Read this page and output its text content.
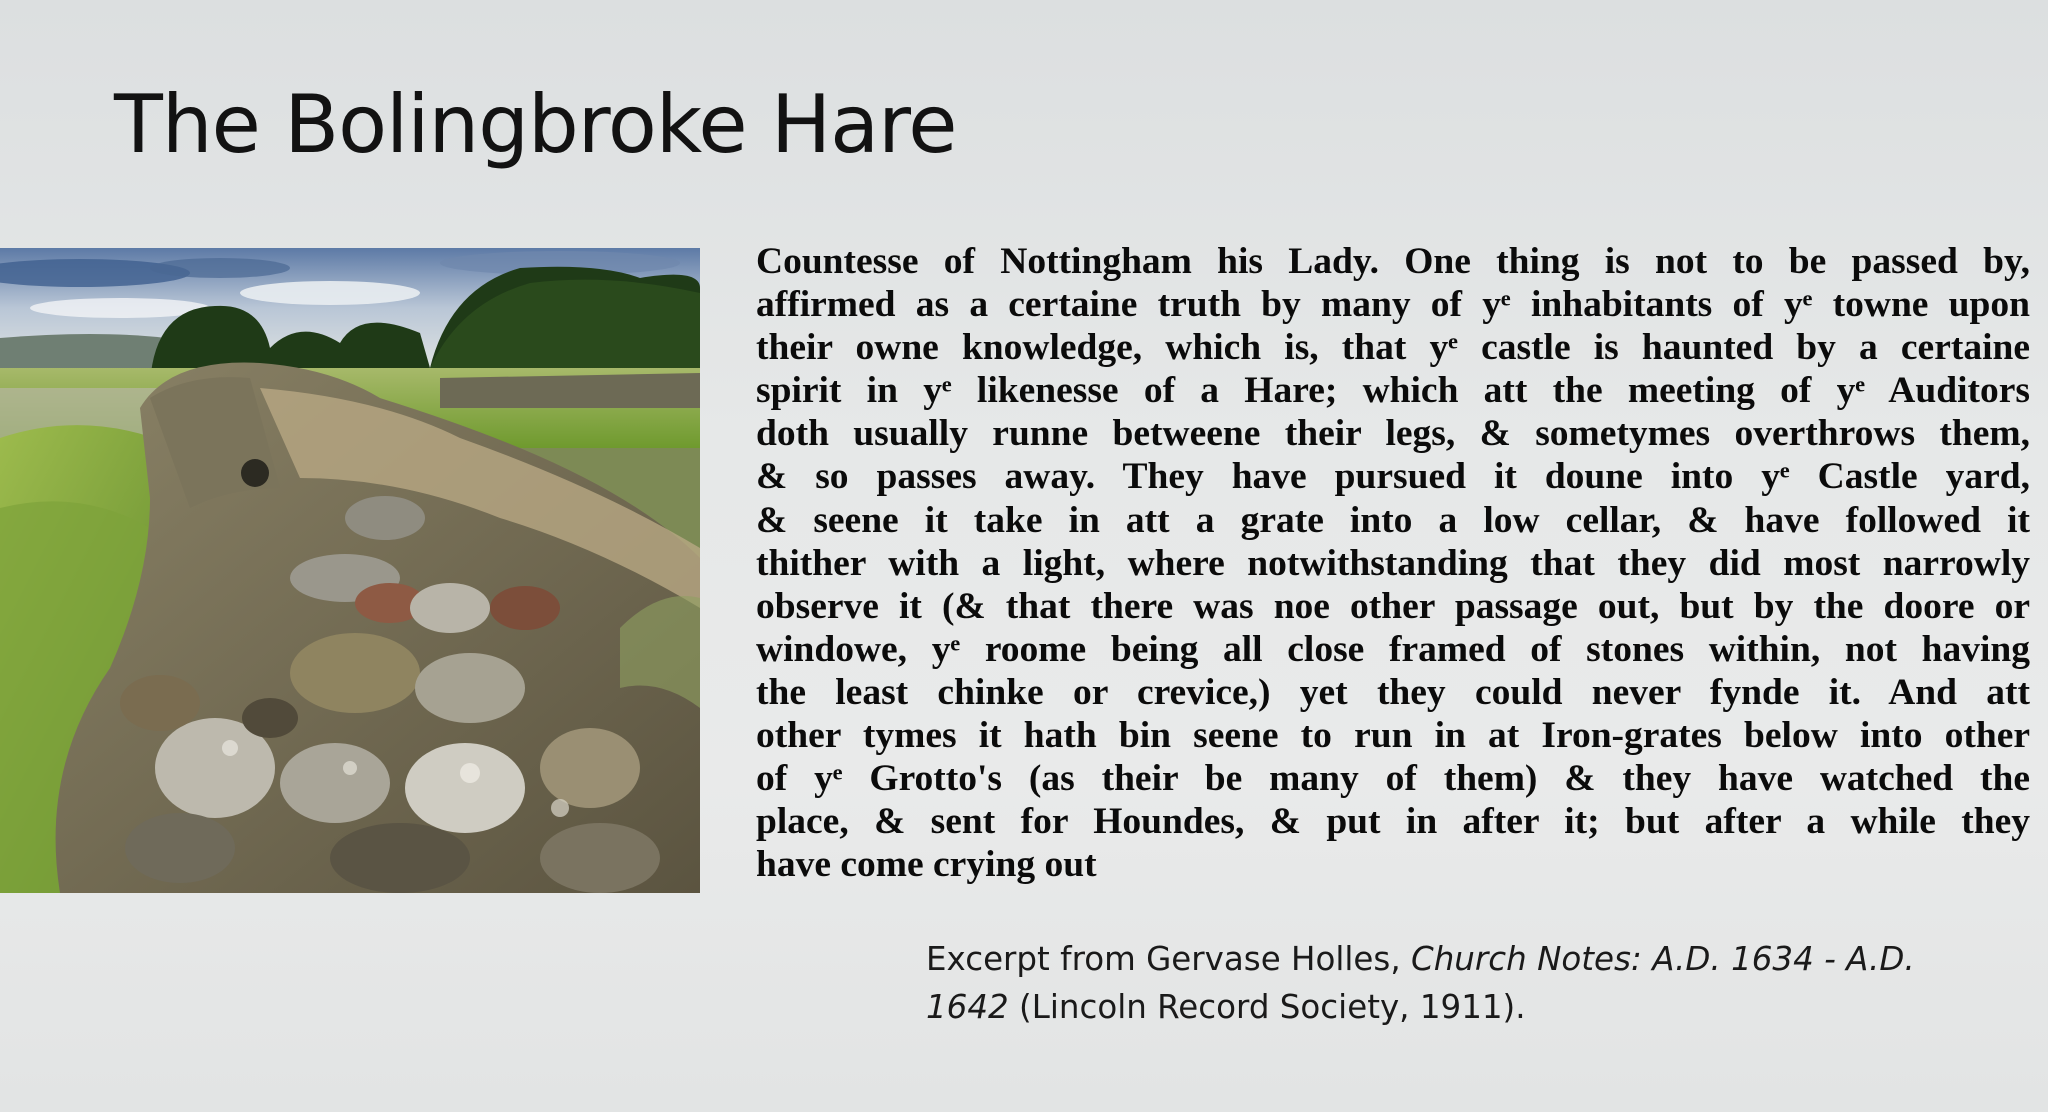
The Bolingbroke Hare
Countesse of Nottingham his Lady. One thing is not to be passed by,
affirmed as a certaine truth by many of yᵉ inhabitants of yᵉ towne upon
their owne knowledge, which is, that yᵉ castle is haunted by a certaine
spirit in yᵉ likenesse of a Hare; which att the meeting of yᵉ Auditors
doth usually runne betweene their legs, & sometymes overthrows them,
& so passes away. They have pursued it doune into yᵉ Castle yard,
& seene it take in att a grate into a low cellar, & have followed it
thither with a light, where notwithstanding that they did most narrowly
observe it (& that there was noe other passage out, but by the doore or
windowe, yᵉ roome being all close framed of stones within, not having
the least chinke or crevice,) yet they could never fynde it. And att
other tymes it hath bin seene to run in at Iron-grates below into other
of yᵉ Grotto's (as their be many of them) & they have watched the
place, & sent for Houndes, & put in after it; but after a while they
have come crying out
Excerpt from Gervase Holles, Church Notes: A.D. 1634 - A.D.
1642 (Lincoln Record Society, 1911).
